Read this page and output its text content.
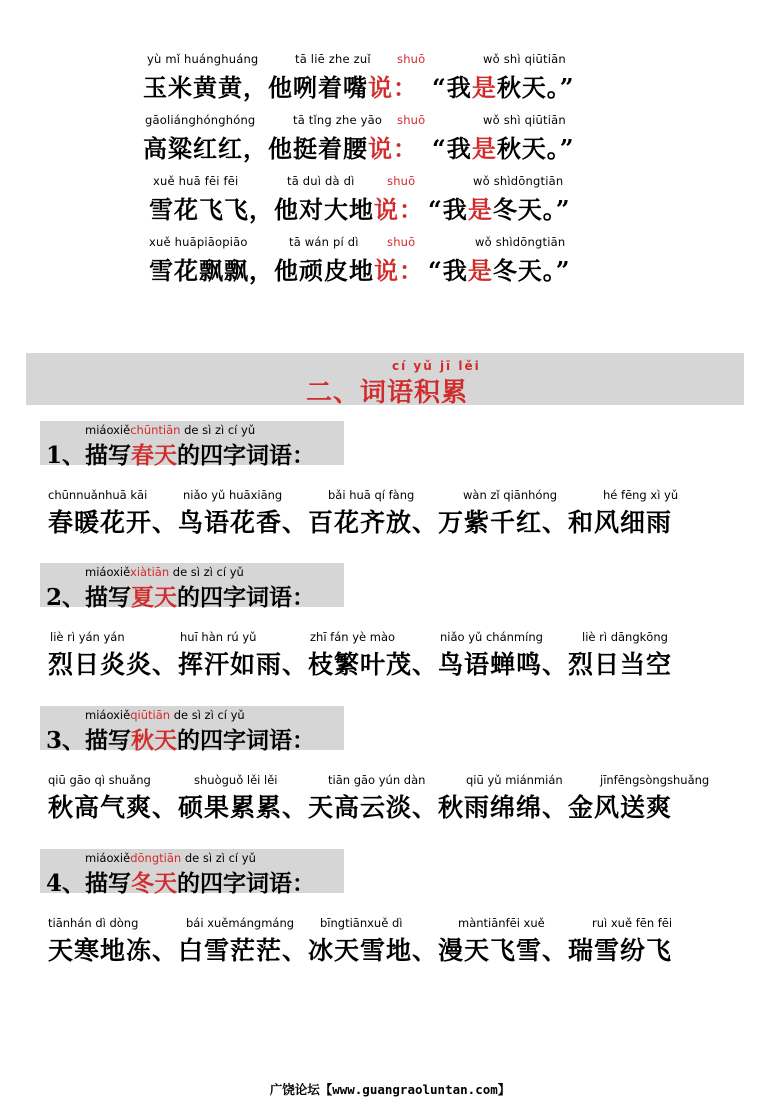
yù mǐ huánghuáng	tā liē zhe zuǐ shuō	wǒ shì qiūtiān
玉米黄黄，他咧着嘴说： “我是秋天。”
gāoliánghónghóng	tā tǐng zhe yāo shuō	wǒ shì qiūtiān
高粱红红，他挺着腰说： “我是秋天。”
xuě huā fēi fēi	tā duì dà dì	shuō	wǒ shìdōngtiān
雪花飞飞，他对大地说： “我是冬天。”
xuě huāpiāopiāo	tā wán pí dì shuō	wǒ shìdōngtiān
雪花飘飘，他顽皮地说： “我是冬天。”
cí yǔ jī lěi
二、词语积累
miáoxiěchūntiān de sì zì cí yǔ
1、描写春天的四字词语：
chūnnuǎnhuā kāi	niǎo yǔ huāxiāng	bǎi huā qí fàng	wàn zǐ qiānhóng	hé fēng xì yǔ
春暖花开、鸟语花香、百花齐放、万紫千红、和风细雨
miáoxiěxiàtiān de sì zì cí yǔ
2、描写夏天的四字词语：
liè rì yán yán	huī hàn rú yǔ	zhī fán yè mào	niǎo yǔ chánmíng	liè rì dāngkōng
烈日炎炎、挥汗如雨、枝繁叶茂、鸟语蝉鸣、烈日当空
miáoxiěqiūtiān de sì zì cí yǔ
3、描写秋天的四字词语：
qiū gāo qì shuǎng	shuòguǒ lěi lěi	tiān gāo yún dàn	qiū yǔ miánmián	jīnfēngsòngshuǎng
秋高气爽、硕果累累、天高云淡、秋雨绵绵、金风送爽
miáoxiědōngtiān de sì zì cí yǔ
4、描写冬天的四字词语：
tiānhán dì dòng	bái xuěmángmáng bīngtiānxuě dì	màntiānfēi xuě	ruì xuě fēn fēi
天寒地冻、白雪茫茫、冰天雪地、漫天飞雪、瑞雪纷飞
广饶论坛【www.guangraoluntan.com】
